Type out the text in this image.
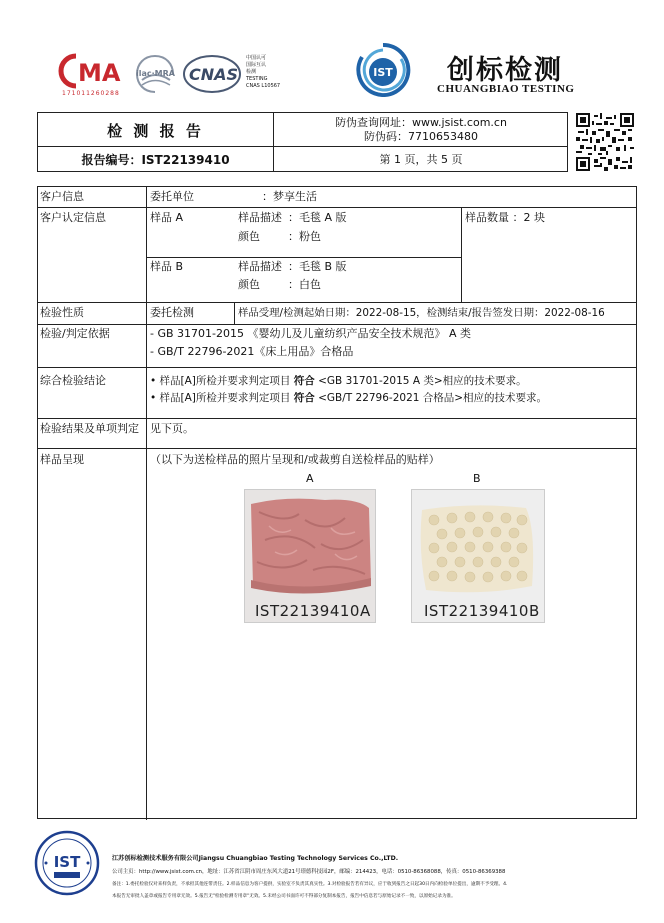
MA
171011260288
ilac·MRA CNAS
中国认可
国际互认
检测
TESTING
CNAS L10567
IST 创标检测
CHUANGBIAO TESTING
检 测 报 告	防伪查询网址：www.jsist.com.cn
防伪码：7710653480
报告编号：IST22139410	第 1 页，共 5 页
客户信息	委托单位	：梦享生活
客户认定信息	样品 A	样品描述 ：毛毯 A 版
颜色	：粉色
样品 B	样品描述 ：毛毯 B 版
颜色	：白色
样品数量 ：2 块
检验性质	委托检测	样品受理/检测起始日期：2022-08-15，检测结束/报告签发日期：2022-08-16
检验/判定依据	- GB 31701-2015 《婴幼儿及儿童纺织产品安全技术规范》 A 类
- GB/T 22796-2021《床上用品》合格品
综合检验结论	• 样品[A]所检并要求判定项目 符合 <GB 31701-2015 A 类>相应的技术要求。
• 样品[A]所检并要求判定项目 符合 <GB/T 22796-2021 合格品>相应的技术要求。
检验结果及单项判定 见下页。
样品呈现	（以下为送检样品的照片呈现和/或裁剪自送检样品的贴样）
A	B
IST22139410A	IST22139410B
IST	江苏创标检测技术服务有限公司Jiangsu Chuangbiao Testing Technology Services Co.,LTD.
公司主页：http://www.jsist.com.cn，地址：江苏省江阴市周庄东风大道21号璟德科技园2F，邮编：214423，电话：0510-86368088，传真：0510-86369388
备注：1.委托检验仅对来样负责，不承担其他连带责任。2.样品信息为客户提供，实验室不负责其真实性。3.对检验报告若有异议，应于收到报告之日起30日内向检验单位提出，逾期不予受理。4.
本报告无审批人盖章或报告专用章无效。5.报告无"检验检测专用章"无效。5.未经公司书面许可不得部分复制本报告，报告中信息若与原始记录不一致，以原始记录为准。
